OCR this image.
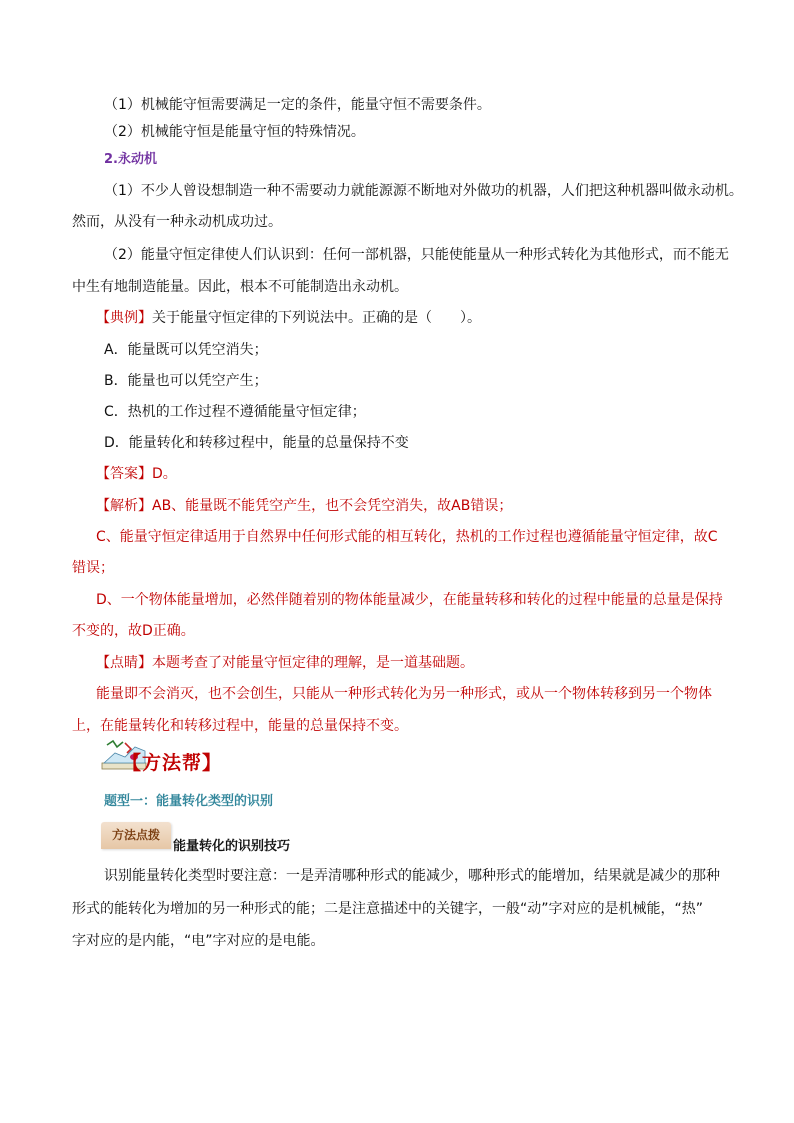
（1）机械能守恒需要满足一定的条件，能量守恒不需要条件。
（2）机械能守恒是能量守恒的特殊情况。
2.永动机
（1）不少人曾设想制造一种不需要动力就能源源不断地对外做功的机器，人们把这种机器叫做永动机。
然而，从没有一种永动机成功过。
（2）能量守恒定律使人们认识到：任何一部机器，只能使能量从一种形式转化为其他形式，而不能无
中生有地制造能量。因此，根本不可能制造出永动机。
【典例】关于能量守恒定律的下列说法中。正确的是（　　）。
A．能量既可以凭空消失；
B．能量也可以凭空产生；
C．热机的工作过程不遵循能量守恒定律；
D．能量转化和转移过程中，能量的总量保持不变
【答案】D。
【解析】AB、能量既不能凭空产生，也不会凭空消失，故AB错误；
C、能量守恒定律适用于自然界中任何形式能的相互转化，热机的工作过程也遵循能量守恒定律，故C
错误；
D、一个物体能量增加，必然伴随着别的物体能量减少，在能量转移和转化的过程中能量的总量是保持
不变的，故D正确。
【点睛】本题考查了对能量守恒定律的理解，是一道基础题。
能量即不会消灭，也不会创生，只能从一种形式转化为另一种形式，或从一个物体转移到另一个物体
上，在能量转化和转移过程中，能量的总量保持不变。
【方法帮】
题型一：能量转化类型的识别
方法点拨
能量转化的识别技巧
识别能量转化类型时要注意：一是弄清哪种形式的能减少，哪种形式的能增加，结果就是减少的那种
形式的能转化为增加的另一种形式的能；二是注意描述中的关键字，一般“动”字对应的是机械能，“热”
字对应的是内能，“电”字对应的是电能。
